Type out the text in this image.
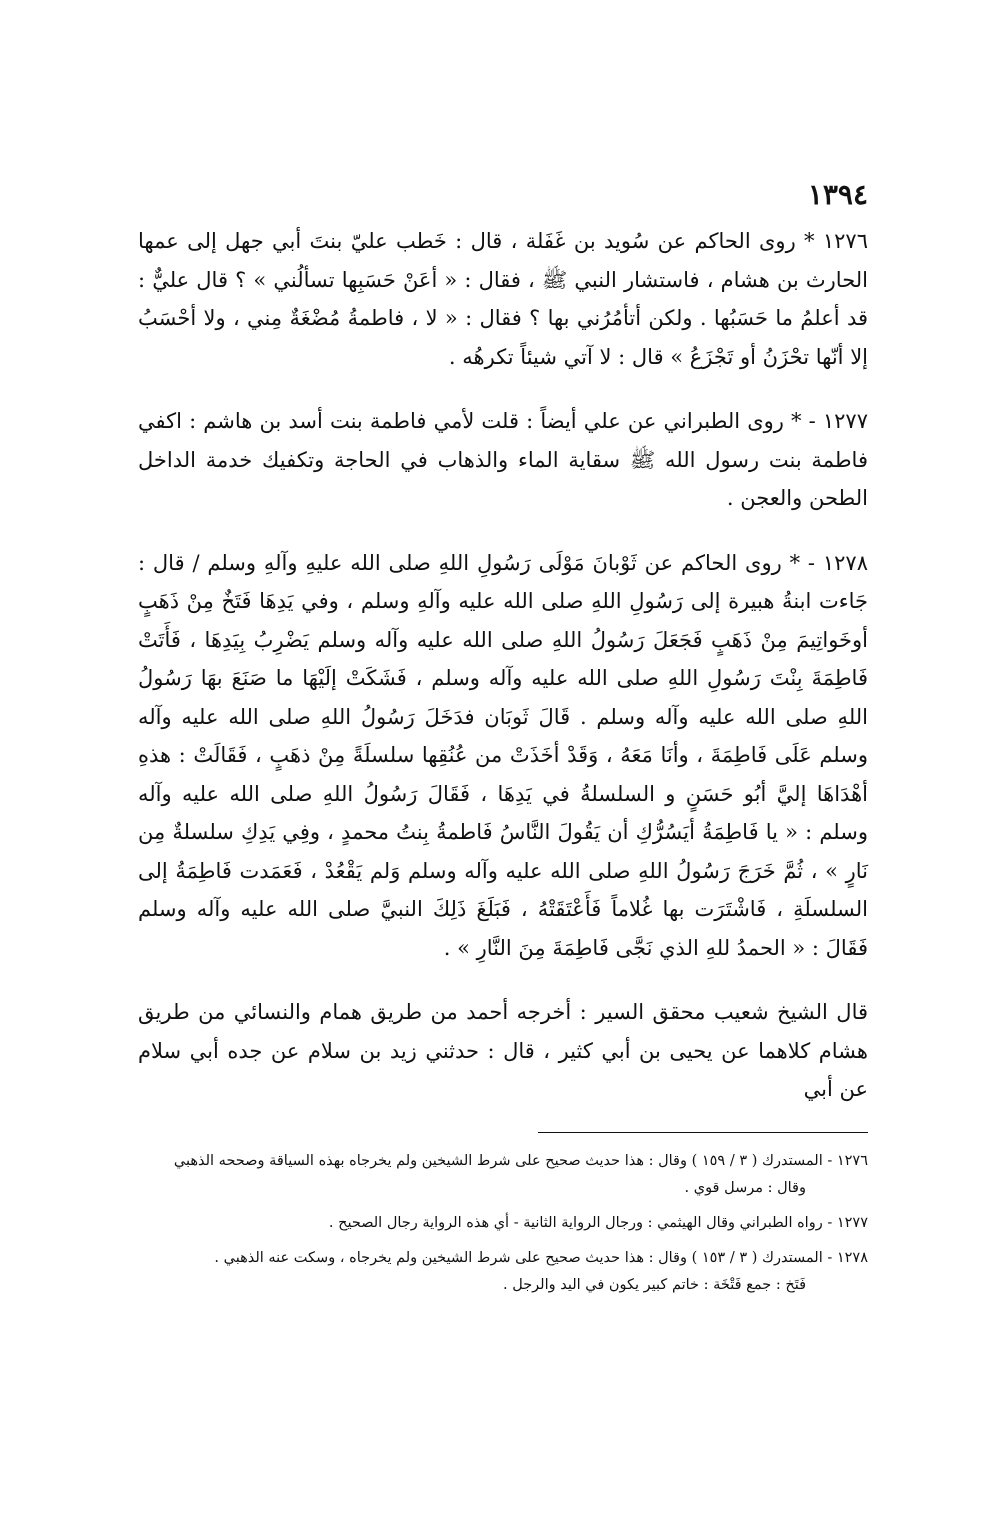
١٣٩٤

١٢٧٦ * روى الحاكم عن سُويد بن غَفَلة ، قال : خَطب عليّ بنتَ أبي جهل إلى عمها الحارث بن هشام ، فاستشار النبي ﷺ ، فقال : « أعَنْ حَسَبِها تسألُني » ؟ قال عليٌّ : قد أعلمُ ما حَسَبُها . ولكن أتأمُرُني بها ؟ فقال : « لا ، فاطمةُ مُضْغَةٌ مِني ، ولا أحْسَبُ إلا أنّها تحْزَنُ أو تَجْزَعُ » قال : لا آتي شيئاً تكرهُه .

١٢٧٧ - * روى الطبراني عن علي أيضاً : قلت لأمي فاطمة بنت أسد بن هاشم : اكفي فاطمة بنت رسول الله ﷺ سقاية الماء والذهاب في الحاجة وتكفيك خدمة الداخل الطحن والعجن .

١٢٧٨ - * روى الحاكم عن ثَوْبانَ مَوْلَى رَسُولِ اللهِ صلى الله عليهِ وآلهِ وسلم / قال : جَاءت ابنةُ هبيرة إلى رَسُولِ اللهِ صلى الله عليه وآلهِ وسلم ، وفي يَدِهَا فَتَخٌ مِنْ ذَهَبٍ أوخَواتِيمَ مِنْ ذَهَبٍ فَجَعَلَ رَسُولُ اللهِ صلى الله عليه وآله وسلم يَضْرِبُ بِيَدِهَا ، فَأَتَتْ فَاطِمَةَ بِنْتَ رَسُولِ اللهِ صلى الله عليه وآله وسلم ، فَشَكَتْ إلَيْهَا ما صَنَعَ بهَا رَسُولُ اللهِ صلى الله عليه وآله وسلم . قَالَ ثَوبَان فدَخَلَ رَسُولُ اللهِ صلى الله عليه وآله وسلم عَلَى فَاطِمَةَ ، وأنَا مَعَهُ ، وَقَدْ أخَذَتْ من عُنُقِها سلسلَةً مِنْ ذهَبٍ ، فَقَالَتْ : هذهِ أهْدَاهَا إليَّ أبُو حَسَنٍ و السلسلةُ في يَدِهَا ، فَقَالَ رَسُولُ اللهِ صلى الله عليه وآله وسلم : « يا فَاطِمَةُ أيَسُرُّكِ أن يَقُولَ النَّاسُ فَاطمةُ بِنتُ محمدٍ ، وفِي يَدِكِ سلسلةٌ مِن نَارٍ » ، ثُمَّ خَرَجَ رَسُولُ اللهِ صلى الله عليه وآله وسلم وَلم يَقْعُدْ ، فَعَمَدت فَاطِمَةُ إلى السلسلَةِ ، فَاشْتَرَت بها غُلاماً فَأَعْتَقَتْهُ ، فَبَلَغَ ذَلِكَ النبيَّ صلى الله عليه وآله وسلم فَقَالَ : « الحمدُ للهِ الذي نَجَّى فَاطِمَةَ مِنَ النَّارِ » .

قال الشيخ شعيب محقق السير : أخرجه أحمد من طريق همام والنسائي من طريق هشام كلاهما عن يحيى بن أبي كثير ، قال : حدثني زيد بن سلام عن جده أبي سلام عن أبي

١٢٧٦ - المستدرك ( ٣ / ١٥٩ ) وقال : هذا حديث صحيح على شرط الشيخين ولم يخرجاه بهذه السياقة وصححه الذهبي
وقال : مرسل قوي .

١٢٧٧ - رواه الطبراني وقال الهيثمي : ورجال الرواية الثانية - أي هذه الرواية رجال الصحيح .

١٢٧٨ - المستدرك ( ٣ / ١٥٣ ) وقال : هذا حديث صحيح على شرط الشيخين ولم يخرجاه ، وسكت عنه الذهبي .
فَتَخ : جمع فَتْخَة : خاتم كبير يكون في اليد والرجل .
